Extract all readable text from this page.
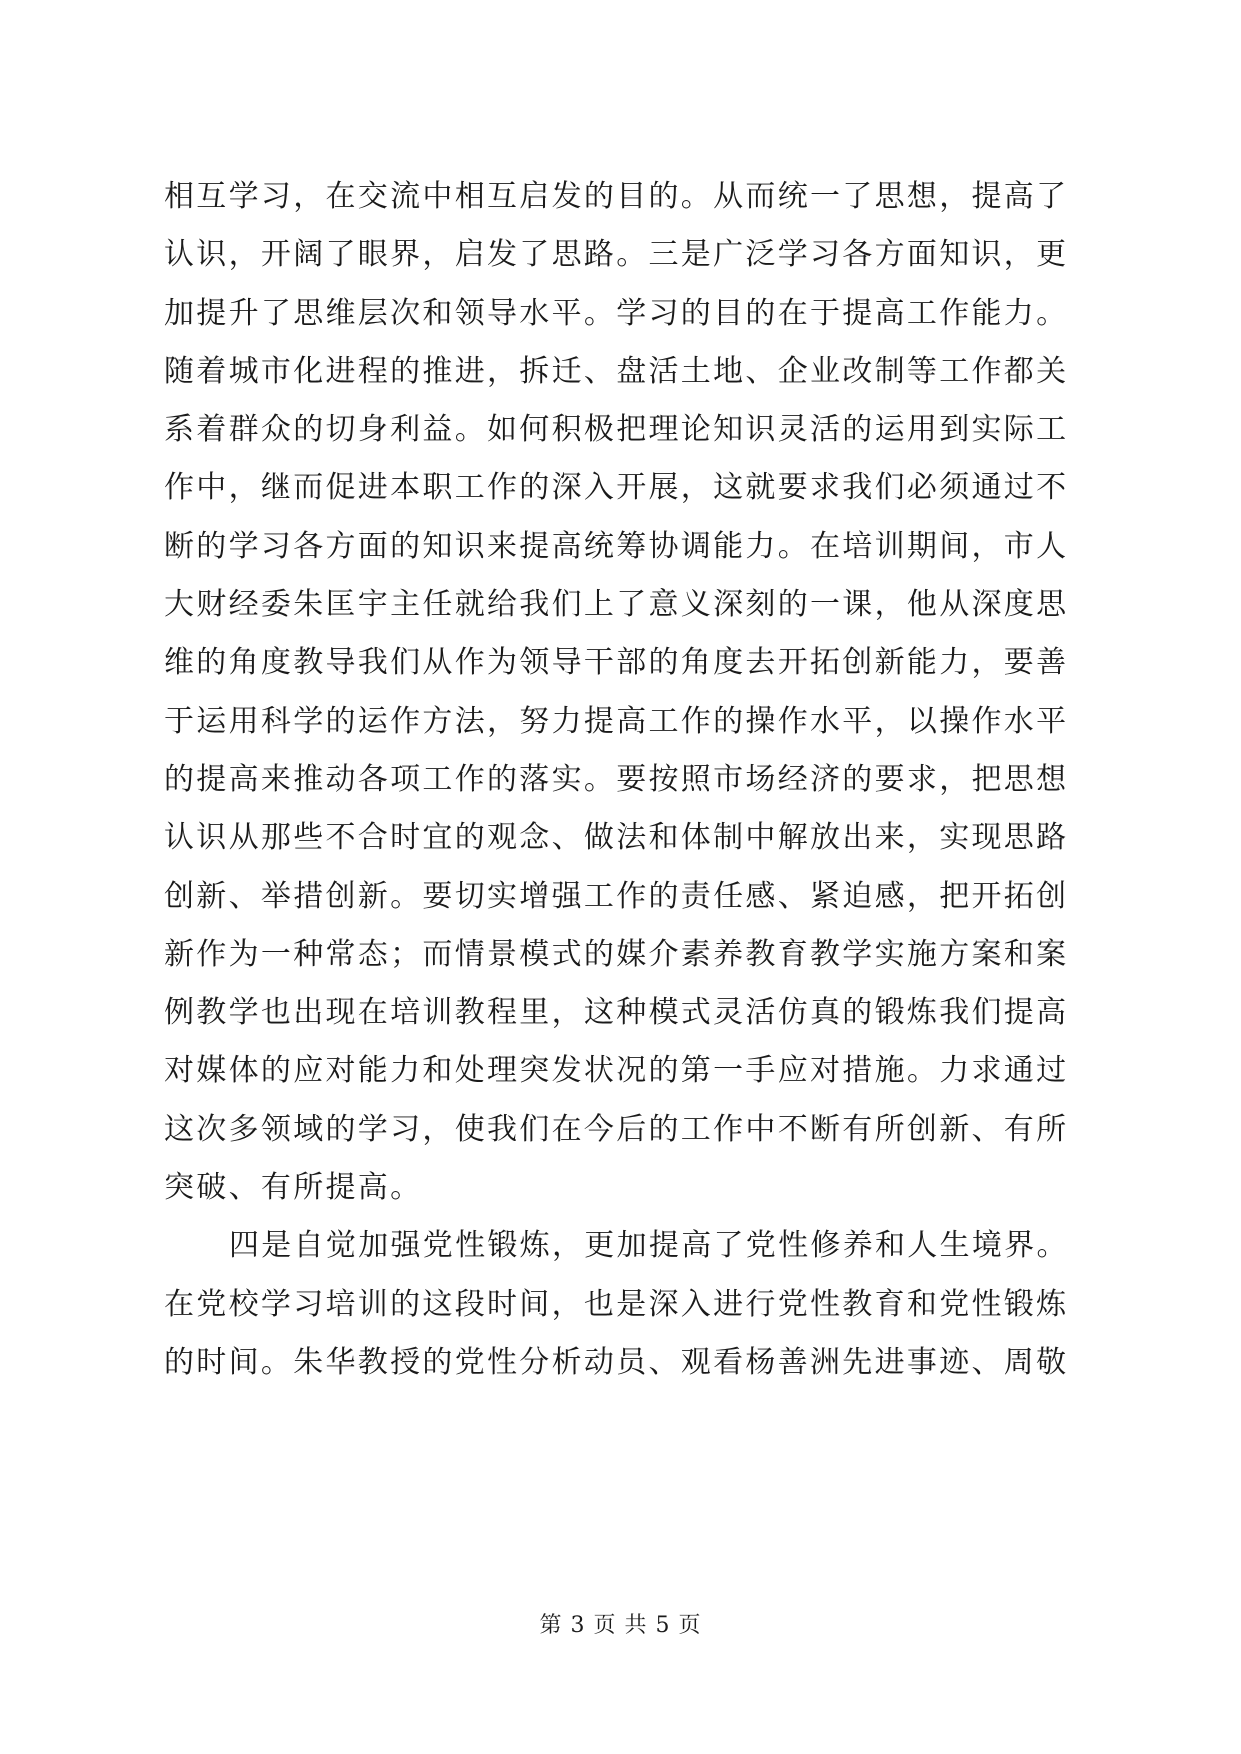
相互学习，在交流中相互启发的目的。从而统一了思想，提高了
认识，开阔了眼界，启发了思路。三是广泛学习各方面知识，更
加提升了思维层次和领导水平。学习的目的在于提高工作能力。
随着城市化进程的推进，拆迁、盘活土地、企业改制等工作都关
系着群众的切身利益。如何积极把理论知识灵活的运用到实际工
作中，继而促进本职工作的深入开展，这就要求我们必须通过不
断的学习各方面的知识来提高统筹协调能力。在培训期间，市人
大财经委朱匡宇主任就给我们上了意义深刻的一课，他从深度思
维的角度教导我们从作为领导干部的角度去开拓创新能力，要善
于运用科学的运作方法，努力提高工作的操作水平，以操作水平
的提高来推动各项工作的落实。要按照市场经济的要求，把思想
认识从那些不合时宜的观念、做法和体制中解放出来，实现思路
创新、举措创新。要切实增强工作的责任感、紧迫感，把开拓创
新作为一种常态；而情景模式的媒介素养教育教学实施方案和案
例教学也出现在培训教程里，这种模式灵活仿真的锻炼我们提高
对媒体的应对能力和处理突发状况的第一手应对措施。力求通过
这次多领域的学习，使我们在今后的工作中不断有所创新、有所
突破、有所提高。
四是自觉加强党性锻炼，更加提高了党性修养和人生境界。
在党校学习培训的这段时间，也是深入进行党性教育和党性锻炼
的时间。朱华教授的党性分析动员、观看杨善洲先进事迹、周敬
第 3 页 共 5 页
